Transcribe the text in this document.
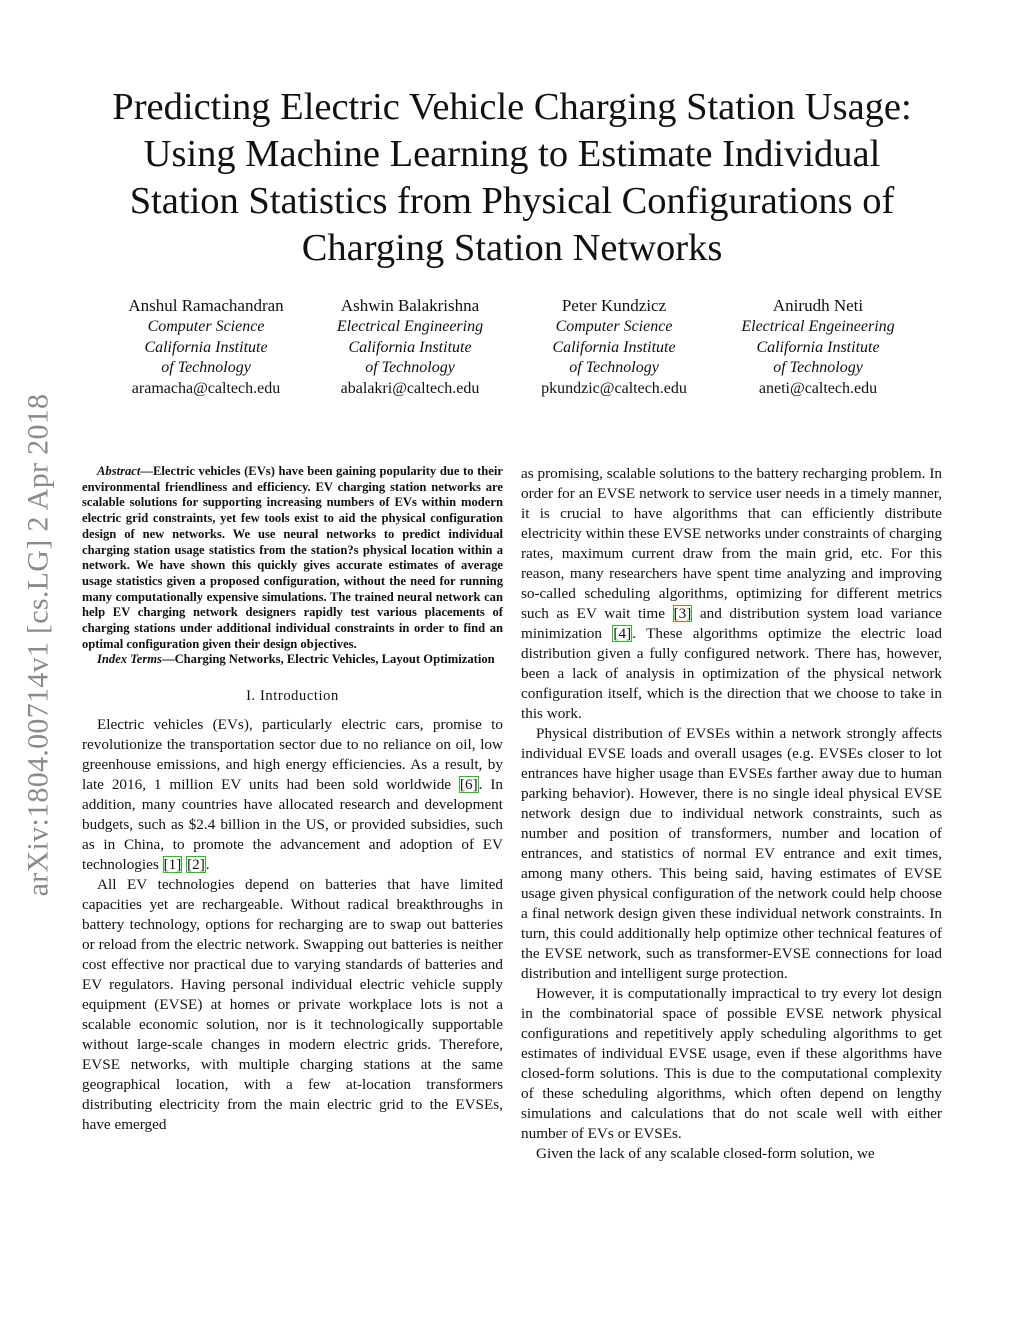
arXiv:1804.00714v1 [cs.LG] 2 Apr 2018
Predicting Electric Vehicle Charging Station Usage:
Using Machine Learning to Estimate Individual
Station Statistics from Physical Configurations of
Charging Station Networks
Anshul Ramachandran
Computer Science
California Institute
of Technology
aramacha@caltech.edu
Ashwin Balakrishna
Electrical Engineering
California Institute
of Technology
abalakri@caltech.edu
Peter Kundzicz
Computer Science
California Institute
of Technology
pkundzic@caltech.edu
Anirudh Neti
Electrical Engeineering
California Institute
of Technology
aneti@caltech.edu

Abstract—Electric vehicles (EVs) have been gaining popularity due to their environmental friendliness and efficiency. EV charging station networks are scalable solutions for supporting increasing numbers of EVs within modern electric grid constraints, yet few tools exist to aid the physical configuration design of new networks. We use neural networks to predict individual charging station usage statistics from the station?s physical location within a network. We have shown this quickly gives accurate estimates of average usage statistics given a proposed configuration, without the need for running many computationally expensive simulations. The trained neural network can help EV charging network designers rapidly test various placements of charging stations under additional individual constraints in order to find an optimal configuration given their design objectives.

Index Terms—Charging Networks, Electric Vehicles, Layout Optimization

I. Introduction

Electric vehicles (EVs), particularly electric cars, promise to revolutionize the transportation sector due to no reliance on oil, low greenhouse emissions, and high energy efficiencies. As a result, by late 2016, 1 million EV units had been sold worldwide [6]. In addition, many countries have allocated research and development budgets, such as $2.4 billion in the US, or provided subsidies, such as in China, to promote the advancement and adoption of EV technologies [1] [2].

All EV technologies depend on batteries that have limited capacities yet are rechargeable. Without radical breakthroughs in battery technology, options for recharging are to swap out batteries or reload from the electric network. Swapping out batteries is neither cost effective nor practical due to varying standards of batteries and EV regulators. Having personal individual electric vehicle supply equipment (EVSE) at homes or private workplace lots is not a scalable economic solution, nor is it technologically supportable without large-scale changes in modern electric grids. Therefore, EVSE networks, with multiple charging stations at the same geographical location, with a few at-location transformers distributing electricity from the main electric grid to the EVSEs, have emerged

as promising, scalable solutions to the battery recharging problem. In order for an EVSE network to service user needs in a timely manner, it is crucial to have algorithms that can efficiently distribute electricity within these EVSE networks under constraints of charging rates, maximum current draw from the main grid, etc. For this reason, many researchers have spent time analyzing and improving so-called scheduling algorithms, optimizing for different metrics such as EV wait time [3] and distribution system load variance minimization [4]. These algorithms optimize the electric load distribution given a fully configured network. There has, however, been a lack of analysis in optimization of the physical network configuration itself, which is the direction that we choose to take in this work.

Physical distribution of EVSEs within a network strongly affects individual EVSE loads and overall usages (e.g. EVSEs closer to lot entrances have higher usage than EVSEs farther away due to human parking behavior). However, there is no single ideal physical EVSE network design due to individual network constraints, such as number and position of transformers, number and location of entrances, and statistics of normal EV entrance and exit times, among many others. This being said, having estimates of EVSE usage given physical configuration of the network could help choose a final network design given these individual network constraints. In turn, this could additionally help optimize other technical features of the EVSE network, such as transformer-EVSE connections for load distribution and intelligent surge protection.

However, it is computationally impractical to try every lot design in the combinatorial space of possible EVSE network physical configurations and repetitively apply scheduling algorithms to get estimates of individual EVSE usage, even if these algorithms have closed-form solutions. This is due to the computational complexity of these scheduling algorithms, which often depend on lengthy simulations and calculations that do not scale well with either number of EVs or EVSEs.

Given the lack of any scalable closed-form solution, we
